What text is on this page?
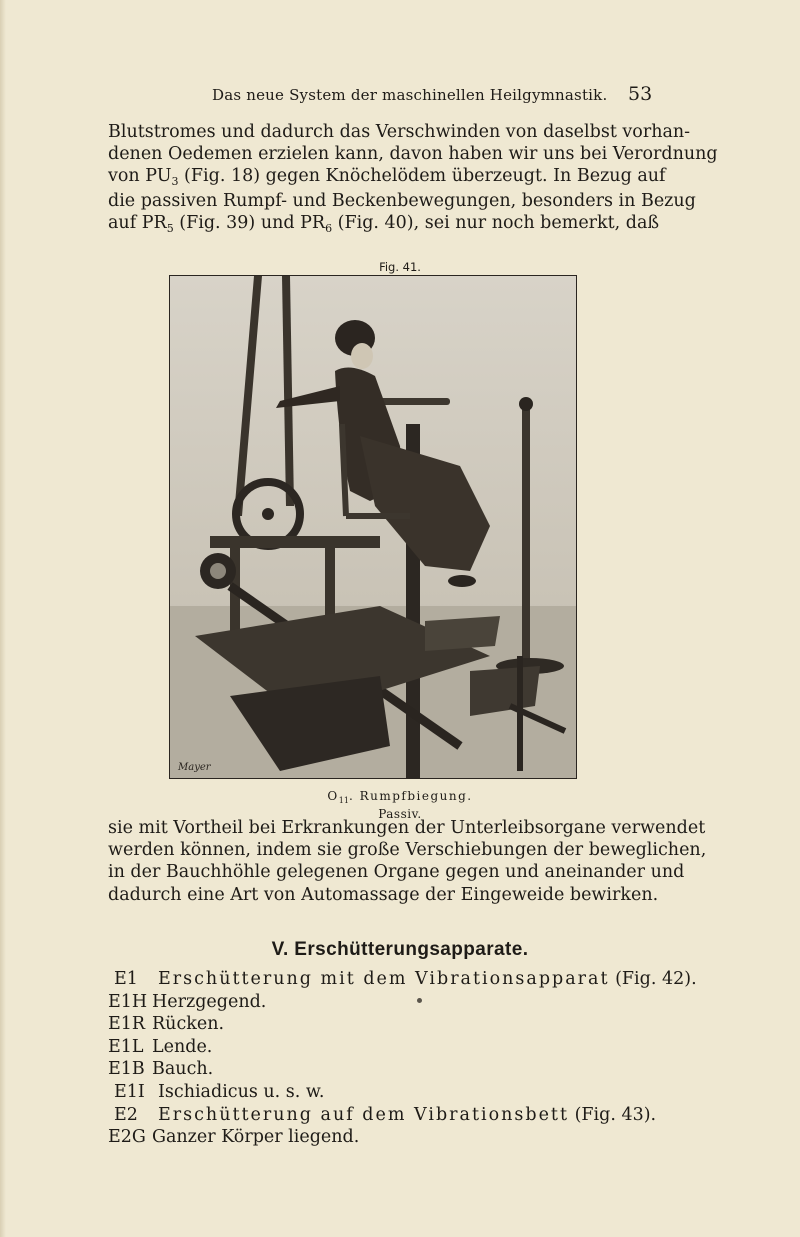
Das neue System der maschinellen Heilgymnastik. 53
Blutstromes und dadurch das Verschwinden von daselbst vorhan-
denen Oedemen erzielen kann, davon haben wir uns bei Verordnung
von $PU_3$ (Fig. 18) gegen Knöchelödem überzeugt. In Bezug auf
die passiven Rumpf- und Beckenbewegungen, besonders in Bezug
auf $PR_5$ (Fig. 39) und $PR_6$ (Fig. 40), sei nur noch bemerkt, daß
Fig. 41.
Mayer
$O_{11}$. Rumpfbiegung.
Passiv.
sie mit Vortheil bei Erkrankungen der Unterleibsorgane verwendet
werden können, indem sie große Verschiebungen der beweglichen,
in der Bauchhöhle gelegenen Organe gegen und aneinander und
dadurch eine Art von Automassage der Eingeweide bewirken.
V. Erschütterungsapparate.
E1 Erschütterung mit dem Vibrationsapparat (Fig. 42).
E1H Herzgegend.
E1R Rücken.
E1L Lende.
E1B Bauch.
E1I Ischiadicus u. s. w.
E2 Erschütterung auf dem Vibrationsbett (Fig. 43).
E2G Ganzer Körper liegend.
